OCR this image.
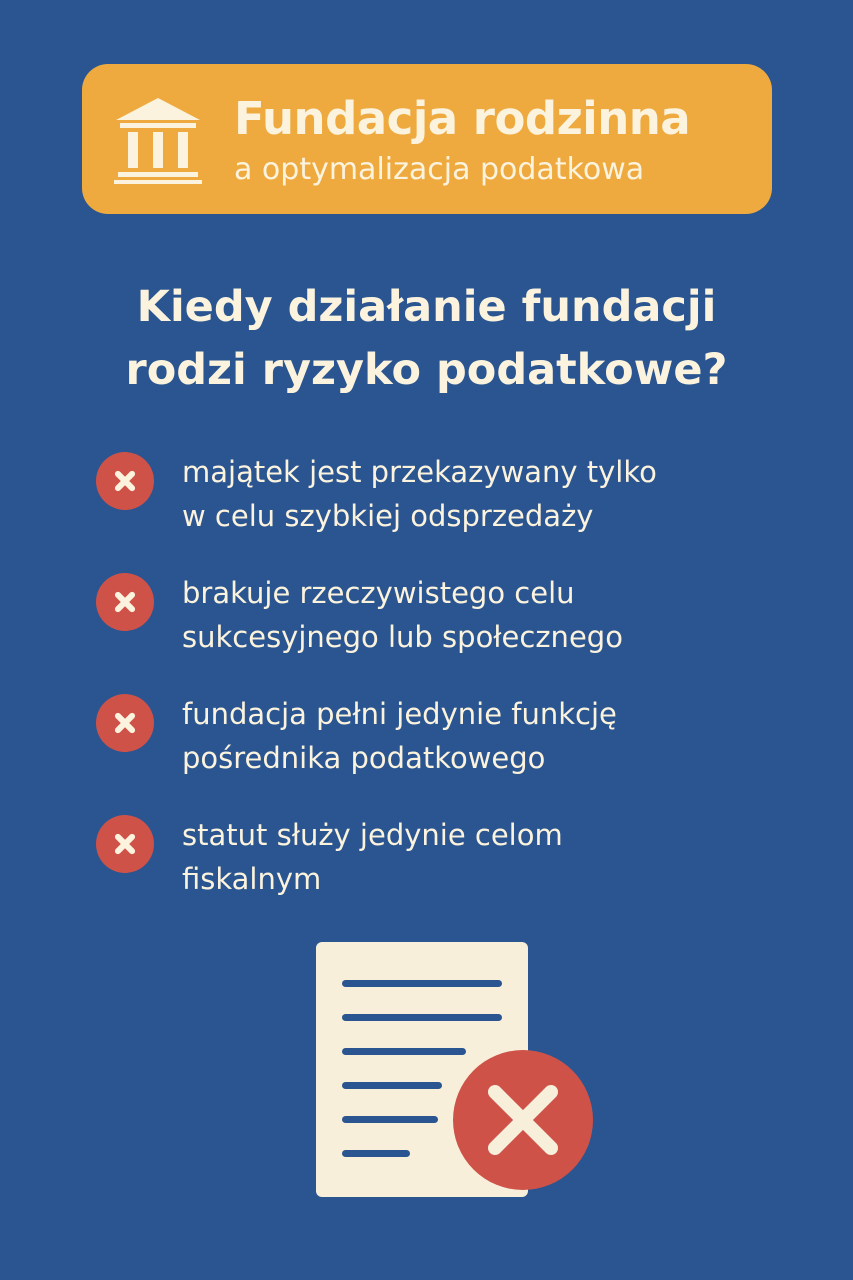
Fundacja rodzinna
a optymalizacja podatkowa
Kiedy działanie fundacji
rodzi ryzyko podatkowe?
majątek jest przekazywany tylko
w celu szybkiej odsprzedaży
brakuje rzeczywistego celu
sukcesyjnego lub społecznego
fundacja pełni jedynie funkcję
pośrednika podatkowego
statut służy jedynie celom
fiskalnym
